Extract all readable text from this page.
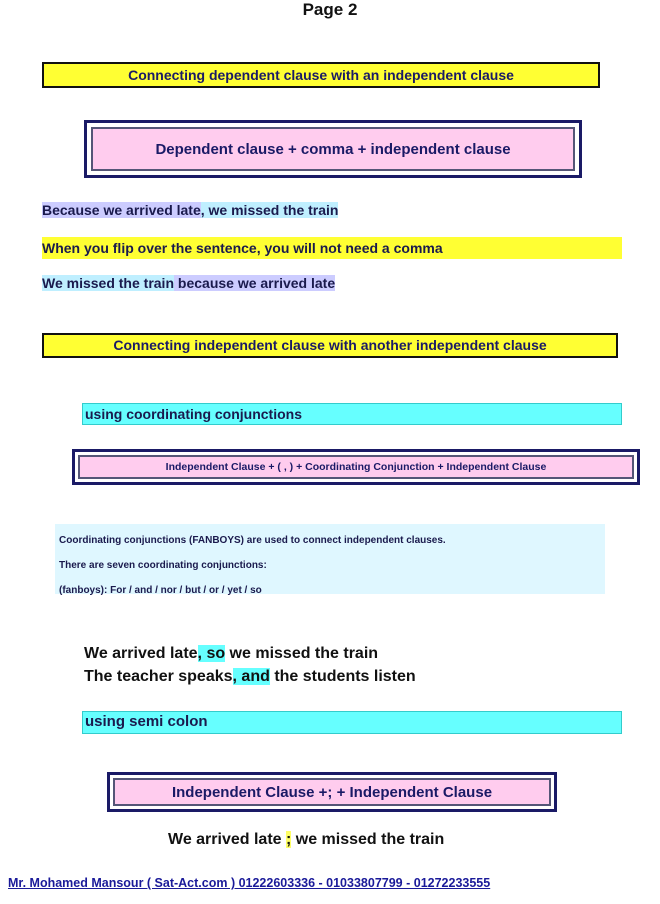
Page 2
Connecting dependent clause with an independent clause
Dependent clause + comma + independent clause
Because we arrived late, we missed the train
When you flip over the sentence, you will not need a comma
We missed the train because we arrived late
Connecting independent clause with another independent clause
using coordinating conjunctions
Independent Clause + ( , ) + Coordinating Conjunction + Independent Clause
Coordinating conjunctions (FANBOYS) are used to connect independent clauses.
There are seven coordinating conjunctions:
(fanboys): For / and / nor / but / or / yet / so
We arrived late, so we missed the train
The teacher speaks, and the students listen
using semi colon
Independent Clause +; + Independent Clause
We arrived late ; we missed the train
Mr. Mohamed Mansour ( Sat-Act.com ) 01222603336 - 01033807799 - 01272233555
